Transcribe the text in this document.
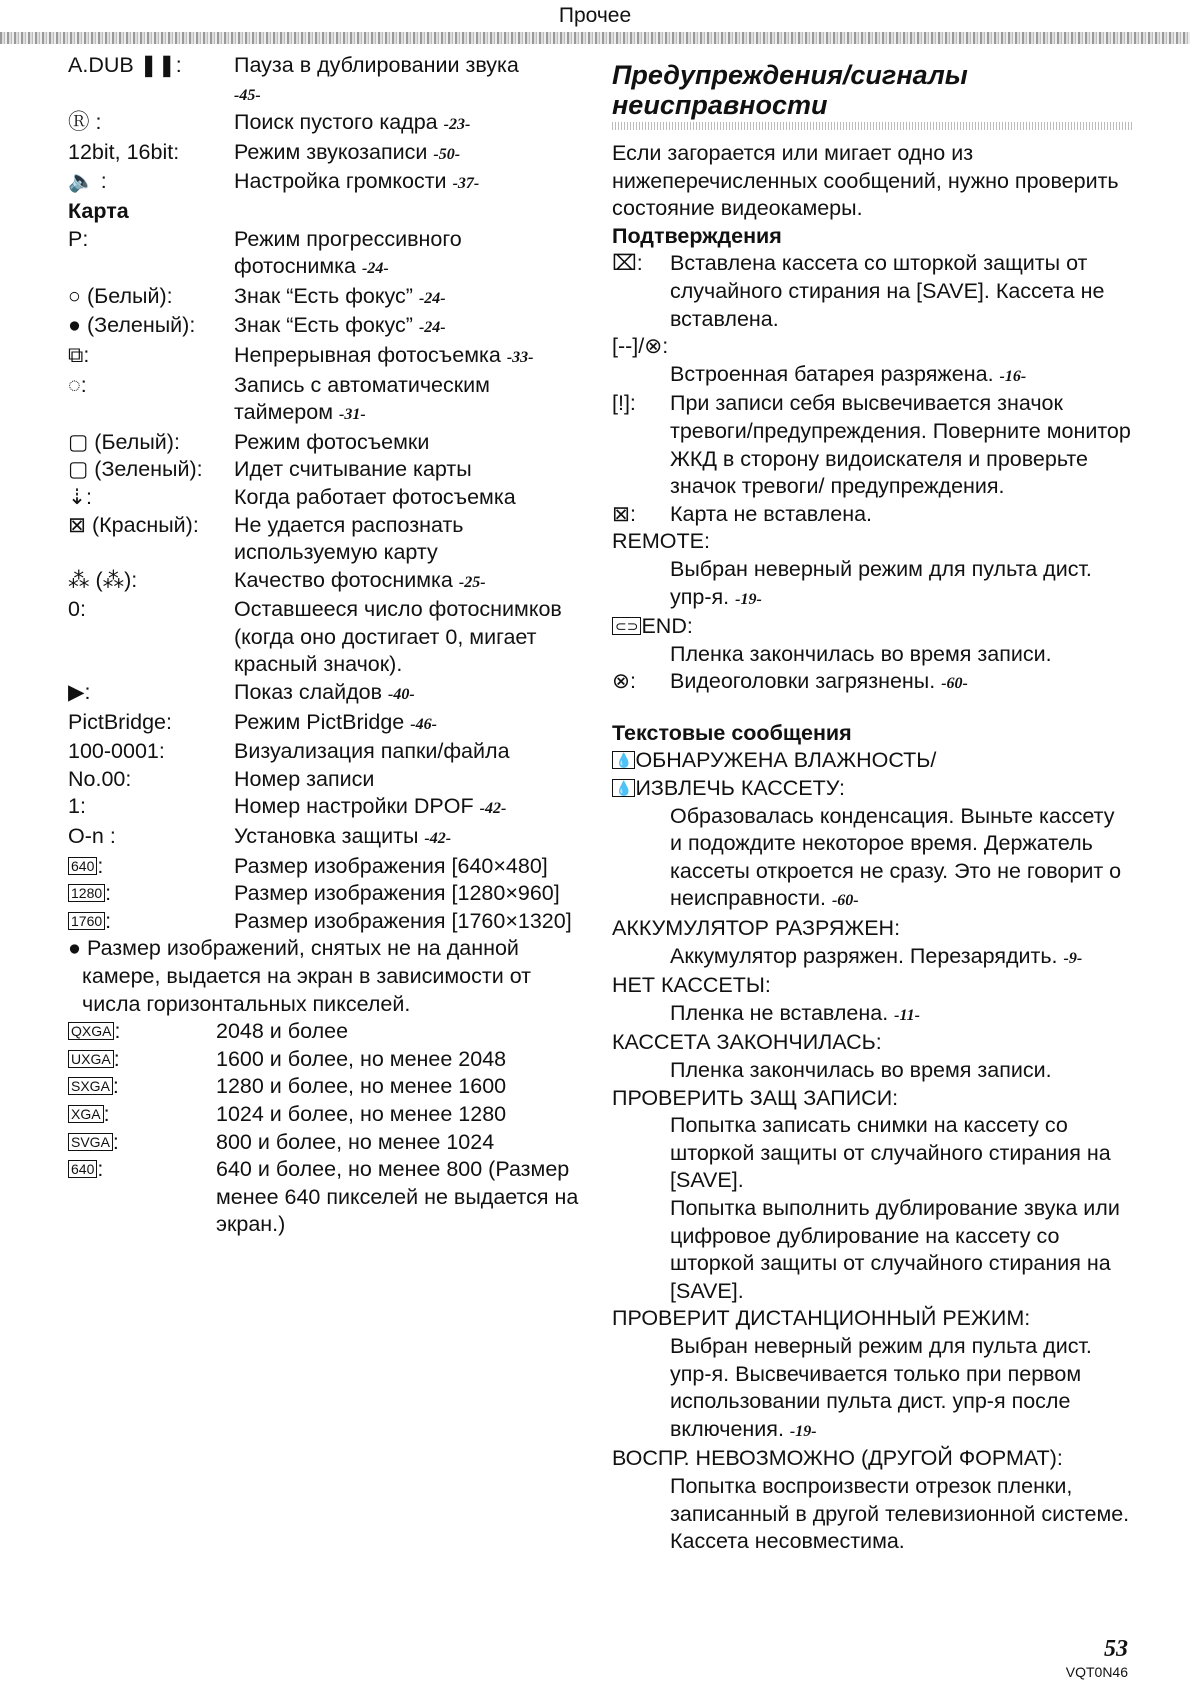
Прочее
A.DUB ❚❚:	Пауза в дублировании звука
-45-
Ⓡ :	Поиск пустого кадра -23-
12bit, 16bit:	Режим звукозаписи -50-
🔈 :	Настройка громкости -37-
Карта
P:	Режим прогрессивного фотоснимка -24-
○ (Белый):	Знак “Есть фокус” -24-
● (Зеленый):	Знак “Есть фокус” -24-
⧉:	Непрерывная фотосъемка -33-
◌:	Запись с автоматическим таймером -31-
▢ (Белый):	Режим фотосъемки
▢ (Зеленый):	Идет считывание карты
⇣:	Когда работает фотосъемка
⊠ (Красный):	Не удается распознать используемую карту
⁂ (⁂):	Качество фотоснимка -25-
0:	Оставшееся число фотоснимков (когда оно достигает 0, мигает красный значок).
▶:	Показ слайдов -40-
PictBridge:	Режим PictBridge -46-
100-0001:	Визуализация папки/файла
No.00:	Номер записи
1:	Номер настройки DPOF -42-
O-n :	Установка защиты -42-
640 :	Размер изображения [640×480]
1280 :	Размер изображения [1280×960]
1760 :	Размер изображения [1760×1320]
● Размер изображений, снятых не на данной камере, выдается на экран в зависимости от числа горизонтальных пикселей.
QXGA :	2048 и более
UXGA :	1600 и более, но менее 2048
SXGA :	1280 и более, но менее 1600
XGA :	1024 и более, но менее 1280
SVGA :	800 и более, но менее 1024
640 :	640 и более, но менее 800 (Размер менее 640 пикселей не выдается на экран.)
Предупреждения/сигналы
неисправности
Если загорается или мигает одно из нижеперечисленных сообщений, нужно проверить состояние видеокамеры.
Подтверждения
⌧:	Вставлена кассета со шторкой защиты от случайного стирания на [SAVE]. Кассета не вставлена.
[--]/⊗:
Встроенная батарея разряжена. -16-
[!]:	При записи себя высвечивается значок тревоги/предупреждения. Поверните монитор ЖКД в сторону видоискателя и проверьте значок тревоги/ предупреждения.
⊠:	Карта не вставлена.
REMOTE:
Выбран неверный режим для пульта дист. упр-я. -19-
⊂⊃ END:
Пленка закончилась во время записи.
⊗:	Видеоголовки загрязнены. -60-
Текстовые сообщения
💧 ОБНАРУЖЕНА ВЛАЖНОСТЬ/
💧 ИЗВЛЕЧЬ КАССЕТУ:
Образовалась конденсация. Выньте кассету и подождите некоторое время. Держатель кассеты откроется не сразу. Это не говорит о неисправности. -60-
АККУМУЛЯТОР РАЗРЯЖЕН:
Аккумулятор разряжен. Перезарядить. -9-
НЕТ КАССЕТЫ:
Пленка не вставлена. -11-
КАССЕТА ЗАКОНЧИЛАСЬ:
Пленка закончилась во время записи.
ПРОВЕРИТЬ ЗАЩ ЗАПИСИ:
Попытка записать снимки на кассету со шторкой защиты от случайного стирания на [SAVE].
Попытка выполнить дублирование звука или цифровое дублирование на кассету со шторкой защиты от случайного стирания на [SAVE].
ПРОВЕРИТ ДИСТАНЦИОННЫЙ РЕЖИМ:
Выбран неверный режим для пульта дист. упр-я. Высвечивается только при первом использовании пульта дист. упр-я после включения. -19-
ВОСПР. НЕВОЗМОЖНО (ДРУГОЙ ФОРМАТ):
Попытка воспроизвести отрезок пленки, записанный в другой телевизионной системе. Кассета несовместима.
53
VQT0N46
